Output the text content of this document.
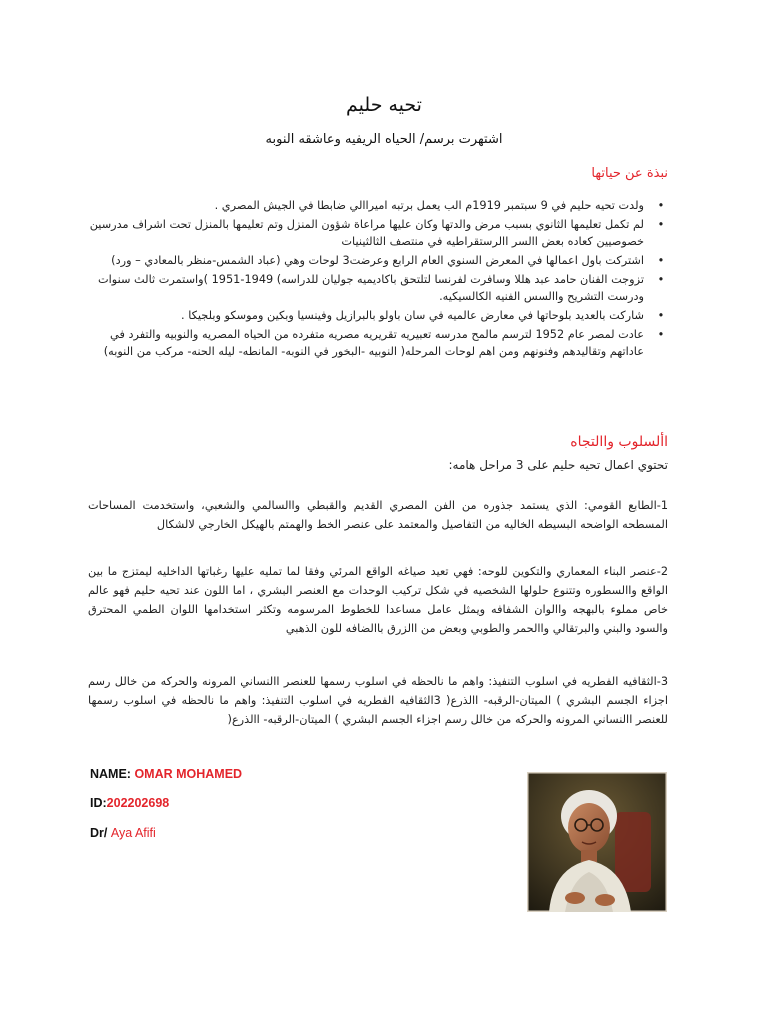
تحيه حليم
اشتهرت برسم/ الحياه الريفيه وعاشقه النوبه
نبذة عن حياتها
•
ولدت تحيه حليم في 9 سبتمبر 1919م الب يعمل برتبه اميراالي ضابطا في الجيش المصري .
•
لم تكمل تعليمها الثانوي بسبب مرض والدتها وكان عليها مراعاة شؤون المنزل وتم تعليمها بالمنزل تحت اشراف مدرسين خصوصيين كعاده بعض االسر االرستقراطيه في منتصف الثالثينيات
•
اشتركت باول اعمالها في المعرض السنوي العام الرابع وعرضت3 لوحات وهي (عباد الشمس-منظر بالمعادي – ورد)
•
تزوجت الفنان حامد عبد هللا وسافرت لفرنسا لتلتحق باكاديميه جوليان للدراسه) 1949-1951 )واستمرت ثالث سنوات ودرست التشريح واالسس الفنيه الكالسيكيه.
•
شاركت بالعديد بلوحاتها في معارض عالميه في سان باولو بالبرازيل وفينسيا وبكين وموسكو وبلجيكا .
•
عادت لمصر عام 1952 لترسم مالمح مدرسه تعبيريه تقريريه مصريه متفرده من الحياه المصريه والنوبيه والتفرد في عاداتهم وتقاليدهم وفنونهم ومن اهم لوحات المرحله( النوبيه -البخور في النوبه- المانطه- ليله الحنه- مركب من النوبه)
األسلوب واالتجاه
تحتوي اعمال تحيه حليم على 3 مراحل هامه:
1-الطابع القومي: الذي يستمد جذوره من الفن المصري القديم والقبطي واالسالمي والشعبي، واستخدمت المساحات المسطحه الواضحه البسيطه الخاليه من التفاصيل والمعتمد على عنصر الخط والهمتم بالهيكل الخارجي لالشكال
2-عنصر البناء المعماري والتكوين للوحه: فهي تعيد صياغه الواقع المرئي وفقا لما تمليه عليها رغباتها الداخليه ليمتزج ما بين الواقع واالسطوره وتتنوع حلولها الشخصيه في شكل تركيب الوحدات مع العنصر البشري ، اما اللون عند تحيه حليم فهو عالم خاص مملوء بالبهجه واالوان الشفافه ويمثل عامل مساعدا للخطوط المرسومه وتكثر استخدامها اللوان الطمي المحترق والسود والبني والبرتقالي واالحمر والطوبي وبعض من االزرق باالضافه للون الذهبي
3-الثقافيه الفطريه في اسلوب التنفيذ: واهم ما نالحظه في اسلوب رسمها للعنصر االنساني المرونه والحركه من خالل رسم اجزاء الجسم البشري ) الميتان-الرقبه- االذرع( 3الثقافيه الفطريه في اسلوب التنفيذ: واهم ما نالحظه في اسلوب رسمها للعنصر االنساني المرونه والحركه من خالل رسم اجزاء الجسم البشري ) الميتان-الرقبه- االذرع(
NAME: OMAR MOHAMED
ID:202202698
Dr/ Aya Afifi
